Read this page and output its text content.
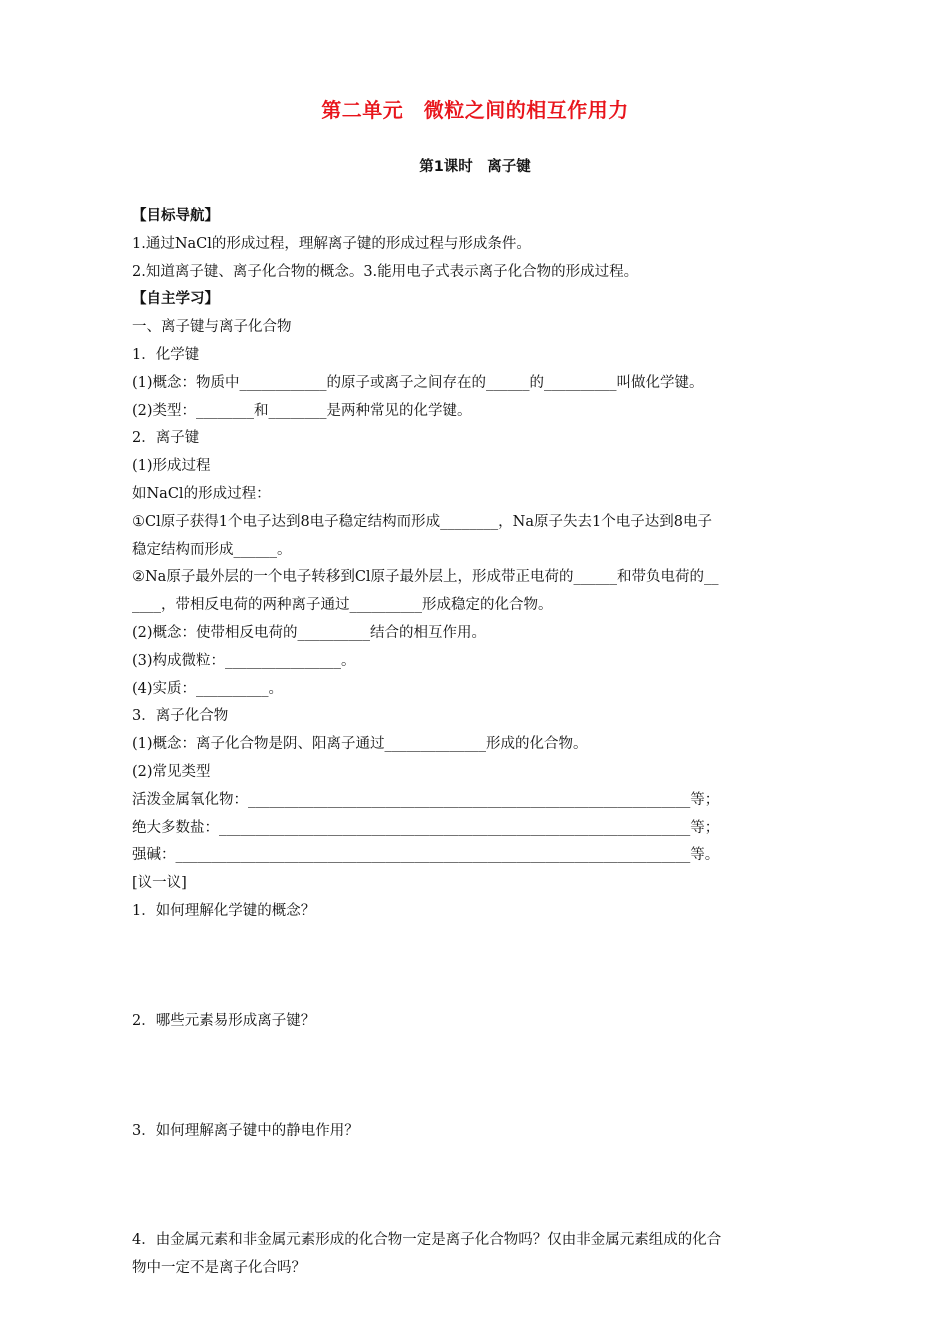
第二单元　微粒之间的相互作用力
第1课时　离子键
【目标导航】
1.通过NaCl的形成过程，理解离子键的形成过程与形成条件。
2.知道离子键、离子化合物的概念。3.能用电子式表示离子化合物的形成过程。
【自主学习】
一、离子键与离子化合物
1．化学键
(1)概念：物质中____________的原子或离子之间存在的______的__________叫做化学键。
(2)类型：________和________是两种常见的化学键。
2．离子键
(1)形成过程
如NaCl的形成过程：
①Cl原子获得1个电子达到8电子稳定结构而形成________，Na原子失去1个电子达到8电子
稳定结构而形成______。
②Na原子最外层的一个电子转移到Cl原子最外层上，形成带正电荷的______和带负电荷的__
____，带相反电荷的两种离子通过__________形成稳定的化合物。
(2)概念：使带相反电荷的__________结合的相互作用。
(3)构成微粒：________________。
(4)实质：__________。
3．离子化合物
(1)概念：离子化合物是阴、阳离子通过______________形成的化合物。
(2)常见类型
活泼金属氧化物：_____________________________________________________________等；
绝大多数盐：_________________________________________________________________等；
强碱：_______________________________________________________________________等。
[议一议]
1．如何理解化学键的概念？
2．哪些元素易形成离子键？
3．如何理解离子键中的静电作用？
4．由金属元素和非金属元素形成的化合物一定是离子化合物吗？仅由非金属元素组成的化合
物中一定不是离子化合吗？
